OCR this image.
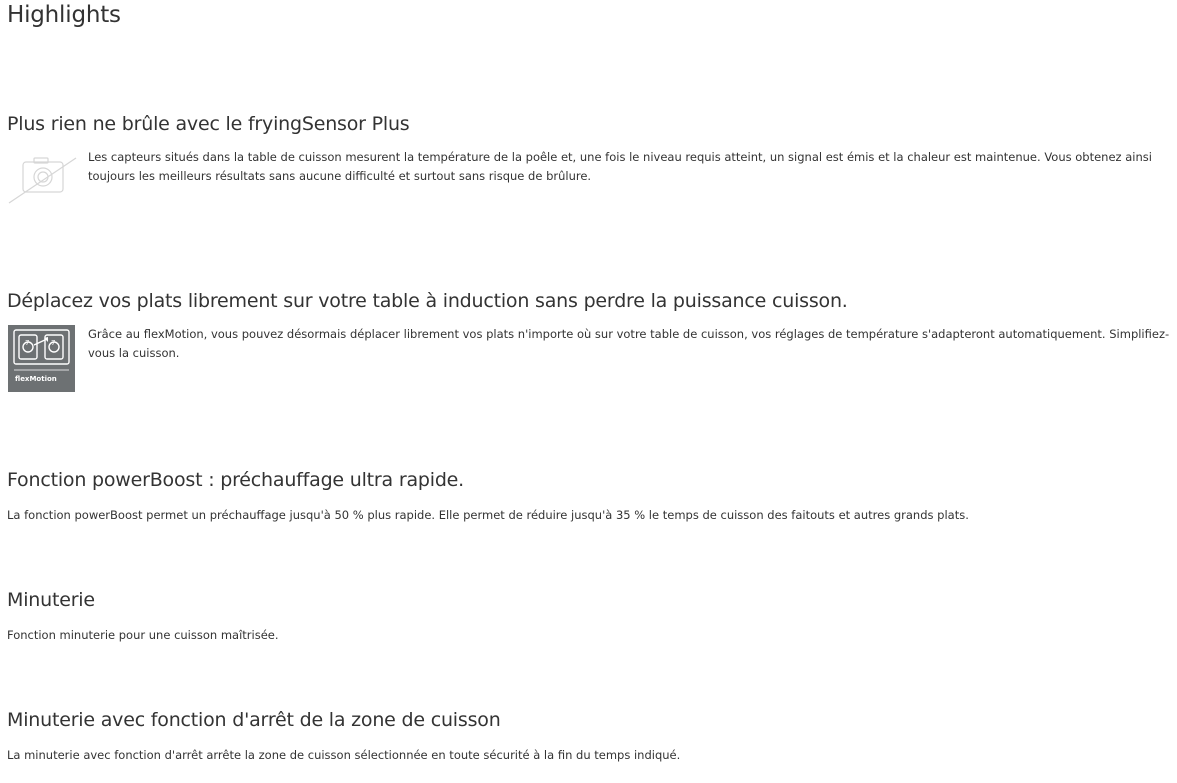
Highlights
Plus rien ne brûle avec le fryingSensor Plus

Les capteurs situés dans la table de cuisson mesurent la température de la poêle et, une fois le niveau requis atteint, un signal est émis et la chaleur est maintenue. Vous obtenez ainsi toujours les meilleurs résultats sans aucune difficulté et surtout sans risque de brûlure.

Déplacez vos plats librement sur votre table à induction sans perdre la puissance cuisson.
7	7
flexMotion

Grâce au flexMotion, vous pouvez désormais déplacer librement vos plats n'importe où sur votre table de cuisson, vos réglages de température s'adapteront automatiquement. Simplifiez-vous la cuisson.

Fonction powerBoost : préchauffage ultra rapide.

La fonction powerBoost permet un préchauffage jusqu'à 50 % plus rapide. Elle permet de réduire jusqu'à 35 % le temps de cuisson des faitouts et autres grands plats.

Minuterie

Fonction minuterie pour une cuisson maîtrisée.

Minuterie avec fonction d'arrêt de la zone de cuisson

La minuterie avec fonction d'arrêt arrête la zone de cuisson sélectionnée en toute sécurité à la fin du temps indiqué.
